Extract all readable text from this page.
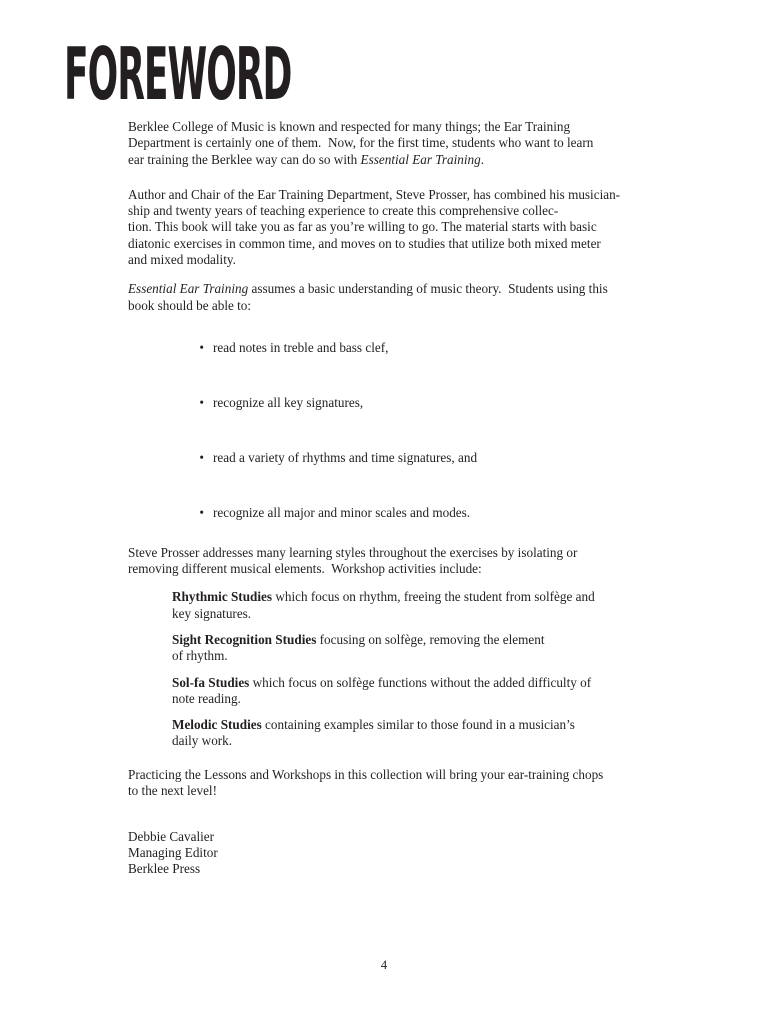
FOREWORD

Berklee College of Music is known and respected for many things; the Ear Training
Department is certainly one of them.  Now, for the first time, students who want to learn
ear training the Berklee way can do so with Essential Ear Training.

Author and Chair of the Ear Training Department, Steve Prosser, has combined his musician-
ship and twenty years of teaching experience to create this comprehensive collec-
tion. This book will take you as far as you’re willing to go. The material starts with basic
diatonic exercises in common time, and moves on to studies that utilize both mixed meter
and mixed modality.

Essential Ear Training assumes a basic understanding of music theory.  Students using this
book should be able to:

• read notes in treble and bass clef,

• recognize all key signatures,

• read a variety of rhythms and time signatures, and

• recognize all major and minor scales and modes.

Steve Prosser addresses many learning styles throughout the exercises by isolating or
removing different musical elements.  Workshop activities include:

Rhythmic Studies which focus on rhythm, freeing the student from solfège and
key signatures.

Sight Recognition Studies focusing on solfège, removing the element
of rhythm.

Sol-fa Studies which focus on solfège functions without the added difficulty of
note reading.

Melodic Studies containing examples similar to those found in a musician’s
daily work.

Practicing the Lessons and Workshops in this collection will bring your ear-training chops
to the next level!

Debbie Cavalier
Managing Editor
Berklee Press
4
